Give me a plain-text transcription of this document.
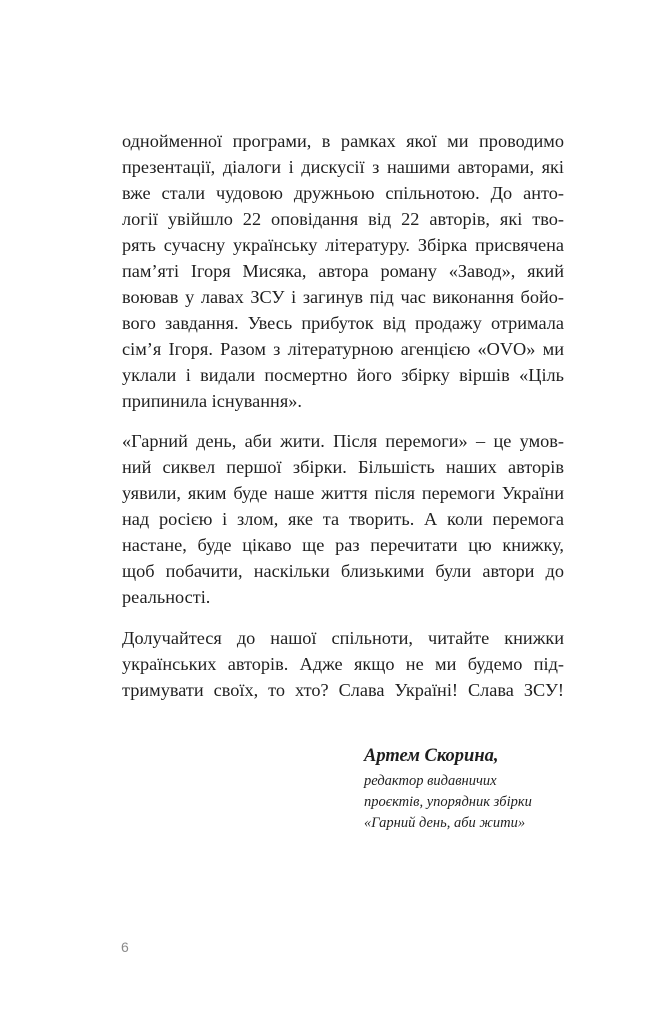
однойменної програми, в рамках якої ми проводимо
презентації, діалоги і дискусії з нашими авторами, які
вже стали чудовою дружньою спільнотою. До анто-
логії увійшло 22 оповідання від 22 авторів, які тво-
рять сучасну українську літературу. Збірка присвячена
пам’яті Ігоря Мисяка, автора роману «Завод», який
воював у лавах ЗСУ і загинув під час виконання бойо-
вого завдання. Увесь прибуток від продажу отримала
сім’я Ігоря. Разом з літературною агенцією «OVO» ми
уклали і видали посмертно його збірку віршів «Ціль
припинила існування».

«Гарний день, аби жити. Після перемоги» – це умов-
ний сиквел першої збірки. Більшість наших авторів
уявили, яким буде наше життя після перемоги України
над росією і злом, яке та творить. А коли перемога
настане, буде цікаво ще раз перечитати цю книжку,
щоб побачити, наскільки близькими були автори до
реальності.

Долучайтеся до нашої спільноти, читайте книжки
українських авторів. Адже якщо не ми будемо під-
тримувати своїх, то хто? Слава Україні! Слава ЗСУ!

Артем Скорина,
редактор видавничих
проєктів, упорядник збірки
«Гарний день, аби жити»
6
